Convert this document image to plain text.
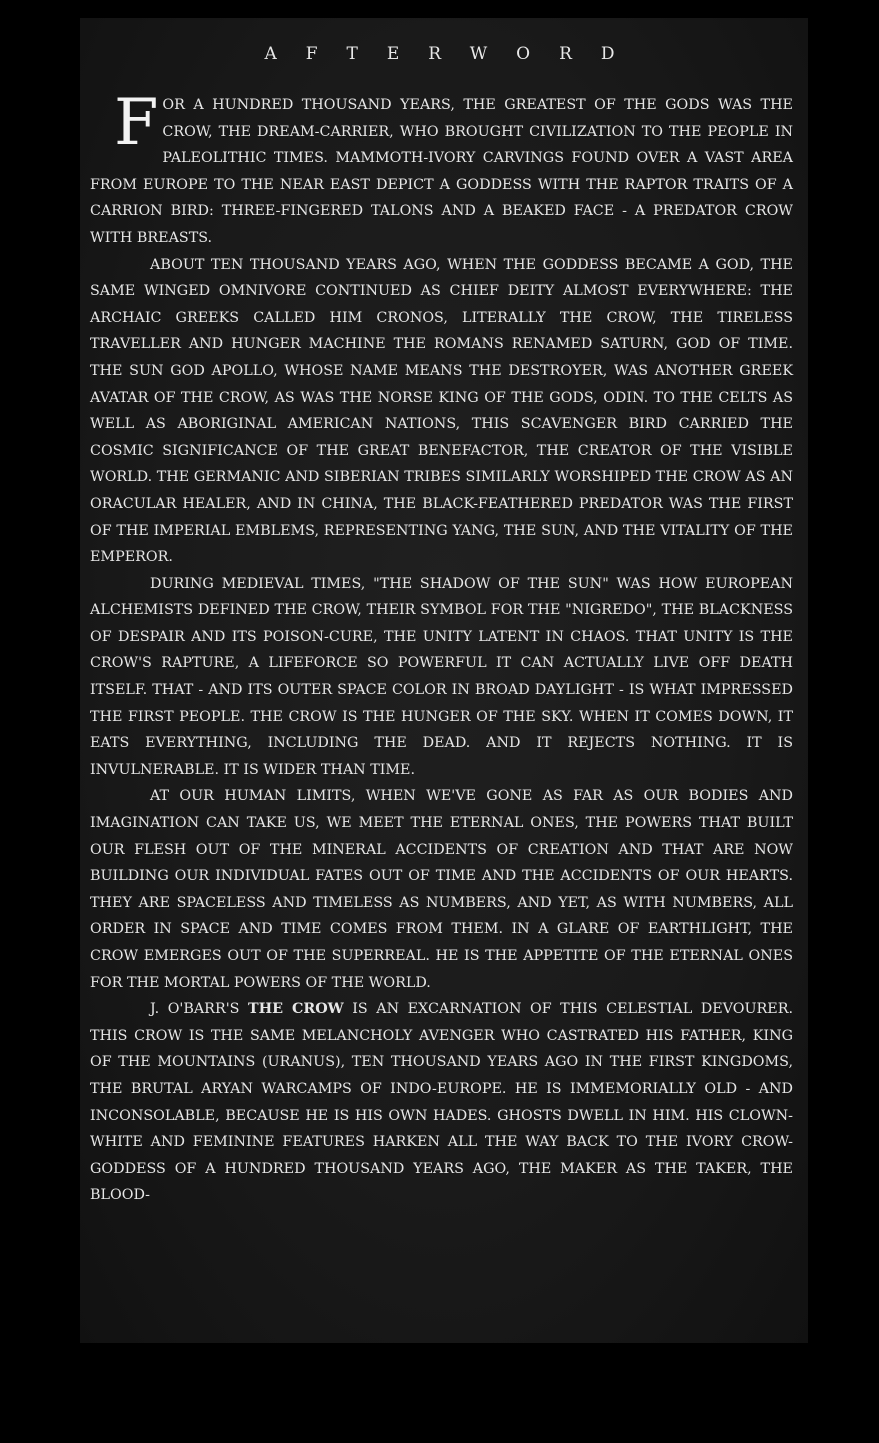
AFTERWORD

FOR A HUNDRED THOUSAND YEARS, THE GREATEST OF THE GODS WAS THE CROW, THE DREAM-CARRIER, WHO BROUGHT CIVILIZATION TO THE PEOPLE IN PALEOLITHIC TIMES. MAMMOTH-IVORY CARVINGS FOUND OVER A VAST AREA FROM EUROPE TO THE NEAR EAST DEPICT A GODDESS WITH THE RAPTOR TRAITS OF A CARRION BIRD: THREE-FINGERED TALONS AND A BEAKED FACE - A PREDATOR CROW WITH BREASTS.

ABOUT TEN THOUSAND YEARS AGO, WHEN THE GODDESS BECAME A GOD, THE SAME WINGED OMNIVORE CONTINUED AS CHIEF DEITY ALMOST EVERYWHERE: THE ARCHAIC GREEKS CALLED HIM CRONOS, LITERALLY THE CROW, THE TIRELESS TRAVELLER AND HUNGER MACHINE THE ROMANS RENAMED SATURN, GOD OF TIME. THE SUN GOD APOLLO, WHOSE NAME MEANS THE DESTROYER, WAS ANOTHER GREEK AVATAR OF THE CROW, AS WAS THE NORSE KING OF THE GODS, ODIN. TO THE CELTS AS WELL AS ABORIGINAL AMERICAN NATIONS, THIS SCAVENGER BIRD CARRIED THE COSMIC SIGNIFICANCE OF THE GREAT BENEFACTOR, THE CREATOR OF THE VISIBLE WORLD. THE GERMANIC AND SIBERIAN TRIBES SIMILARLY WORSHIPED THE CROW AS AN ORACULAR HEALER, AND IN CHINA, THE BLACK-FEATHERED PREDATOR WAS THE FIRST OF THE IMPERIAL EMBLEMS, REPRESENTING YANG, THE SUN, AND THE VITALITY OF THE EMPEROR.

DURING MEDIEVAL TIMES, "THE SHADOW OF THE SUN" WAS HOW EUROPEAN ALCHEMISTS DEFINED THE CROW, THEIR SYMBOL FOR THE "NIGREDO", THE BLACKNESS OF DESPAIR AND ITS POISON-CURE, THE UNITY LATENT IN CHAOS. THAT UNITY IS THE CROW'S RAPTURE, A LIFEFORCE SO POWERFUL IT CAN ACTUALLY LIVE OFF DEATH ITSELF. THAT - AND ITS OUTER SPACE COLOR IN BROAD DAYLIGHT - IS WHAT IMPRESSED THE FIRST PEOPLE. THE CROW IS THE HUNGER OF THE SKY. WHEN IT COMES DOWN, IT EATS EVERYTHING, INCLUDING THE DEAD. AND IT REJECTS NOTHING. IT IS INVULNERABLE. IT IS WIDER THAN TIME.

AT OUR HUMAN LIMITS, WHEN WE'VE GONE AS FAR AS OUR BODIES AND IMAGINATION CAN TAKE US, WE MEET THE ETERNAL ONES, THE POWERS THAT BUILT OUR FLESH OUT OF THE MINERAL ACCIDENTS OF CREATION AND THAT ARE NOW BUILDING OUR INDIVIDUAL FATES OUT OF TIME AND THE ACCIDENTS OF OUR HEARTS. THEY ARE SPACELESS AND TIMELESS AS NUMBERS, AND YET, AS WITH NUMBERS, ALL ORDER IN SPACE AND TIME COMES FROM THEM. IN A GLARE OF EARTHLIGHT, THE CROW EMERGES OUT OF THE SUPERREAL. HE IS THE APPETITE OF THE ETERNAL ONES FOR THE MORTAL POWERS OF THE WORLD.

J. O'BARR'S THE CROW IS AN EXCARNATION OF THIS CELESTIAL DEVOURER. THIS CROW IS THE SAME MELANCHOLY AVENGER WHO CASTRATED HIS FATHER, KING OF THE MOUNTAINS (URANUS), TEN THOUSAND YEARS AGO IN THE FIRST KINGDOMS, THE BRUTAL ARYAN WARCAMPS OF INDO-EUROPE. HE IS IMMEMORIALLY OLD - AND INCONSOLABLE, BECAUSE HE IS HIS OWN HADES. GHOSTS DWELL IN HIM. HIS CLOWN-WHITE AND FEMININE FEATURES HARKEN ALL THE WAY BACK TO THE IVORY CROW-GODDESS OF A HUNDRED THOUSAND YEARS AGO, THE MAKER AS THE TAKER, THE BLOOD-
